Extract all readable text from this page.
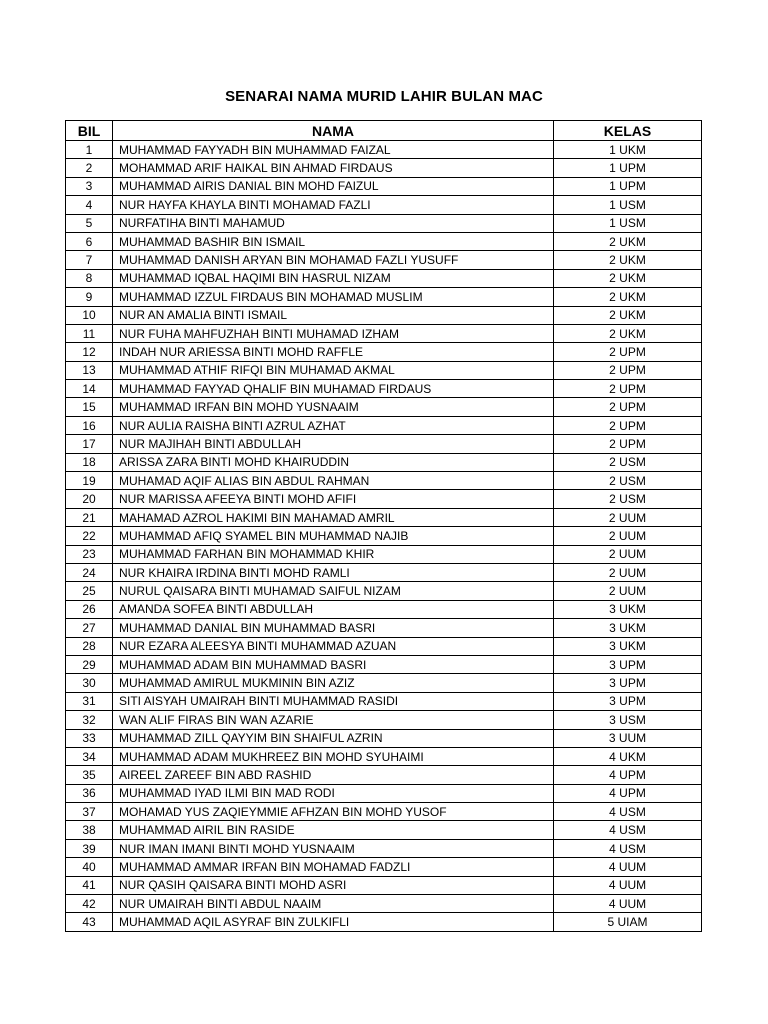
SENARAI NAMA MURID LAHIR BULAN MAC
BIL	NAMA	KELAS
1	MUHAMMAD FAYYADH BIN MUHAMMAD FAIZAL	1 UKM
2	MOHAMMAD ARIF HAIKAL BIN AHMAD FIRDAUS	1 UPM
3	MUHAMMAD AIRIS DANIAL BIN MOHD FAIZUL	1 UPM
4	NUR HAYFA KHAYLA BINTI MOHAMAD FAZLI	1 USM
5	NURFATIHA BINTI MAHAMUD	1 USM
6	MUHAMMAD BASHIR BIN ISMAIL	2 UKM
7	MUHAMMAD DANISH ARYAN BIN MOHAMAD FAZLI YUSUFF	2 UKM
8	MUHAMMAD IQBAL HAQIMI BIN HASRUL NIZAM	2 UKM
9	MUHAMMAD IZZUL FIRDAUS BIN MOHAMAD MUSLIM	2 UKM
10	NUR AN AMALIA BINTI ISMAIL	2 UKM
11	NUR FUHA MAHFUZHAH BINTI MUHAMAD IZHAM	2 UKM
12	INDAH NUR ARIESSA BINTI MOHD RAFFLE	2 UPM
13	MUHAMMAD ATHIF RIFQI BIN MUHAMAD AKMAL	2 UPM
14	MUHAMMAD FAYYAD QHALIF BIN MUHAMAD FIRDAUS	2 UPM
15	MUHAMMAD IRFAN BIN MOHD YUSNAAIM	2 UPM
16	NUR AULIA RAISHA BINTI AZRUL AZHAT	2 UPM
17	NUR MAJIHAH BINTI ABDULLAH	2 UPM
18	ARISSA ZARA BINTI MOHD KHAIRUDDIN	2 USM
19	MUHAMAD AQIF ALIAS BIN ABDUL RAHMAN	2 USM
20	NUR MARISSA AFEEYA BINTI MOHD AFIFI	2 USM
21	MAHAMAD AZROL HAKIMI BIN MAHAMAD AMRIL	2 UUM
22	MUHAMMAD AFIQ SYAMEL BIN MUHAMMAD NAJIB	2 UUM
23	MUHAMMAD FARHAN BIN MOHAMMAD KHIR	2 UUM
24	NUR KHAIRA IRDINA BINTI MOHD RAMLI	2 UUM
25	NURUL QAISARA BINTI MUHAMAD SAIFUL NIZAM	2 UUM
26	AMANDA SOFEA BINTI ABDULLAH	3 UKM
27	MUHAMMAD DANIAL BIN MUHAMMAD BASRI	3 UKM
28	NUR EZARA ALEESYA BINTI MUHAMMAD AZUAN	3 UKM
29	MUHAMMAD ADAM BIN MUHAMMAD BASRI	3 UPM
30	MUHAMMAD AMIRUL MUKMININ BIN AZIZ	3 UPM
31	SITI AISYAH UMAIRAH BINTI MUHAMMAD RASIDI	3 UPM
32	WAN ALIF FIRAS BIN WAN AZARIE	3 USM
33	MUHAMMAD ZILL QAYYIM BIN SHAIFUL AZRIN	3 UUM
34	MUHAMMAD ADAM MUKHREEZ BIN MOHD SYUHAIMI	4 UKM
35	AIREEL ZAREEF BIN ABD RASHID	4 UPM
36	MUHAMMAD IYAD ILMI BIN MAD RODI	4 UPM
37	MOHAMAD YUS ZAQIEYMMIE AFHZAN BIN MOHD YUSOF	4 USM
38	MUHAMMAD AIRIL BIN RASIDE	4 USM
39	NUR IMAN IMANI BINTI MOHD YUSNAAIM	4 USM
40	MUHAMMAD AMMAR IRFAN BIN MOHAMAD FADZLI	4 UUM
41	NUR QASIH QAISARA BINTI MOHD ASRI	4 UUM
42	NUR UMAIRAH BINTI ABDUL NAAIM	4 UUM
43	MUHAMMAD AQIL ASYRAF BIN ZULKIFLI	5 UIAM
